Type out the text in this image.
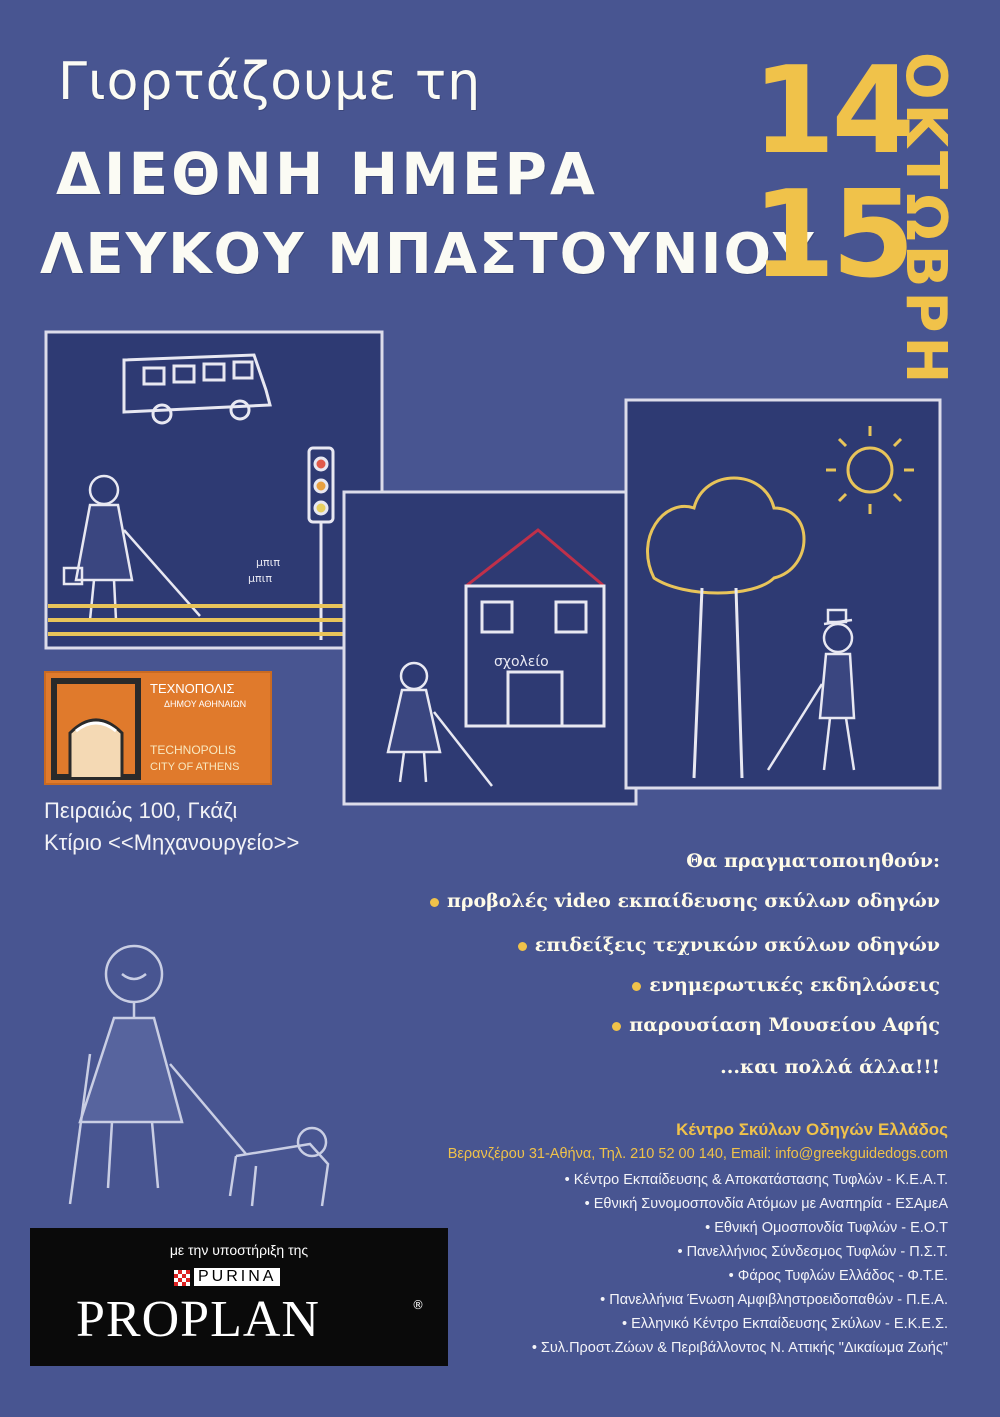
Γιορτάζουμε τη
ΔΙΕΘΝΗ ΗΜΕΡΑ
ΛΕΥΚΟΥ ΜΠΑΣΤΟΥΝΙΟΥ
14
15
ΟΚΤΩΒΡΗ
μπιπ
μπιπ
σχολείο
ΤΕΧΝΟΠΟΛΙΣ
ΔΗΜΟΥ ΑΘΗΝΑΙΩΝ
TECHNOPOLIS
CITY OF ATHENS
Πειραιώς 100, Γκάζι
Κτίριο <<Μηχανουργείο>>
Θα πραγματοποιηθούν:
προβολές video εκπαίδευσης σκύλων οδηγών
επιδείξεις τεχνικών σκύλων οδηγών
ενημερωτικές εκδηλώσεις
παρουσίαση Μουσείου Αφής
...και πολλά άλλα!!!
Κέντρο Σκύλων Οδηγών Ελλάδος
Βερανζέρου 31-Αθήνα, Τηλ. 210 52 00 140, Email: info@greekguidedogs.com
• Κέντρο Εκπαίδευσης & Αποκατάστασης Τυφλών - Κ.Ε.Α.Τ.
• Εθνική Συνομοσπονδία Ατόμων με Αναπηρία - ΕΣΑμεΑ
• Εθνική Ομοσπονδία Τυφλών - Ε.Ο.Τ
• Πανελλήνιος Σύνδεσμος Τυφλών - Π.Σ.Τ.
• Φάρος Τυφλών Ελλάδος - Φ.Τ.Ε.
• Πανελλήνια Ένωση Αμφιβληστροειδοπαθών - Π.Ε.Α.
• Ελληνικό Κέντρο Εκπαίδευσης Σκύλων - Ε.Κ.Ε.Σ.
• Συλ.Προστ.Ζώων & Περιβάλλοντος Ν. Αττικής "Δικαίωμα Ζωής"
με την υποστήριξη της
PURINA
PROPLAN	®
